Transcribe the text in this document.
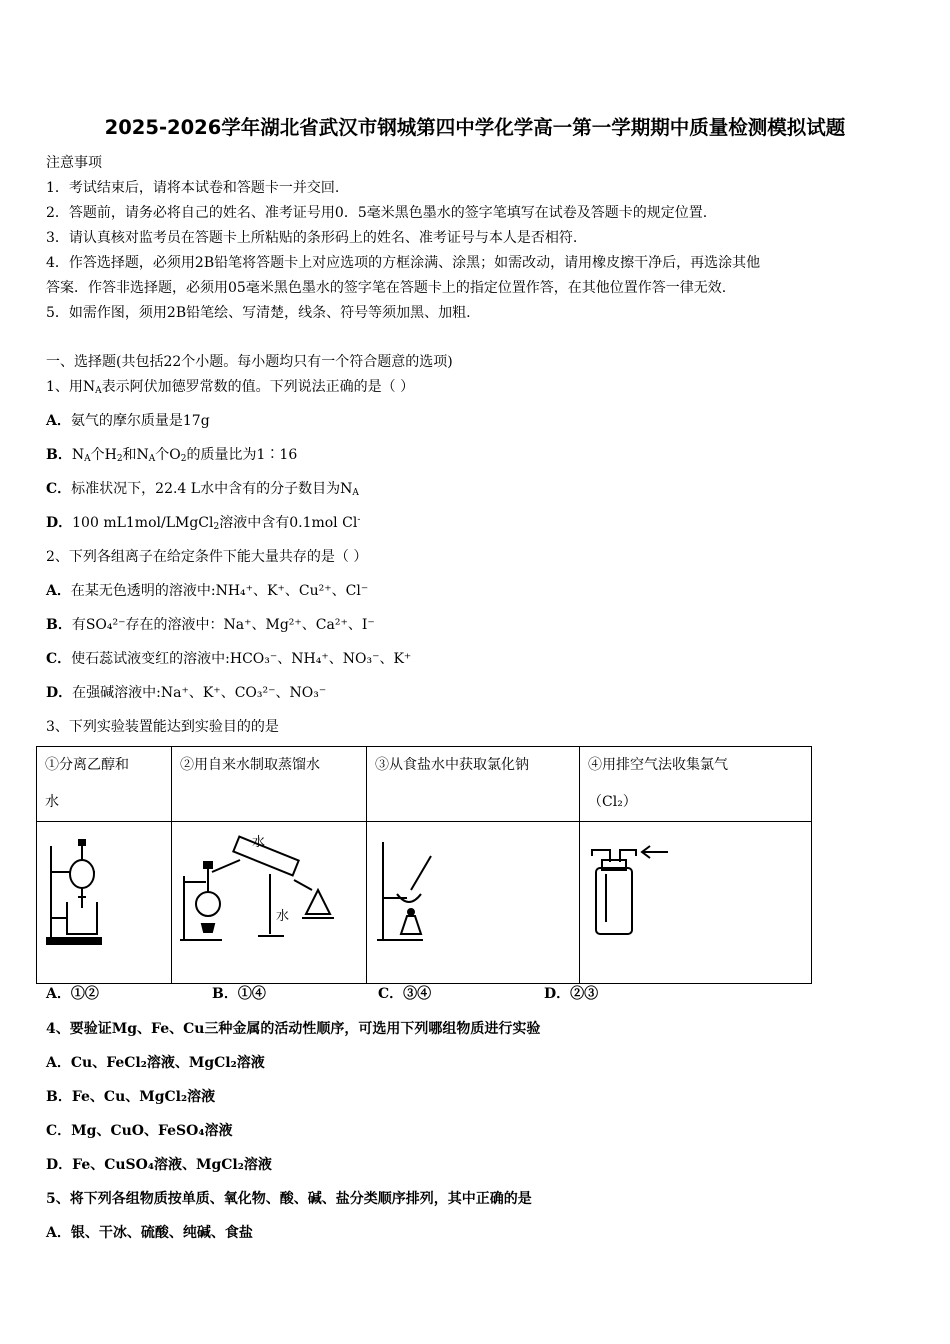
2025-2026学年湖北省武汉市钢城第四中学化学高一第一学期期中质量检测模拟试题
注意事项
1．考试结束后，请将本试卷和答题卡一并交回.
2．答题前，请务必将自己的姓名、准考证号用0．5毫米黑色墨水的签字笔填写在试卷及答题卡的规定位置.
3．请认真核对监考员在答题卡上所粘贴的条形码上的姓名、准考证号与本人是否相符.
4．作答选择题，必须用2B铅笔将答题卡上对应选项的方框涂满、涂黑；如需改动，请用橡皮擦干净后，再选涂其他
答案．作答非选择题，必须用05毫米黑色墨水的签字笔在答题卡上的指定位置作答，在其他位置作答一律无效.
5．如需作图，须用2B铅笔绘、写清楚，线条、符号等须加黑、加粗.
一、选择题(共包括22个小题。每小题均只有一个符合题意的选项)
1、用$N_A$表示阿伏加德罗常数的值。下列说法正确的是（ ）
A．氨气的摩尔质量是17g
B．$N_A$个$H_2$和$N_A$个$O_2$的质量比为1∶16
C．标准状况下，22.4 L水中含有的分子数目为$N_A$
D．100 mL1mol/LMgCl$_2$溶液中含有0.1mol Cl-
2、下列各组离子在给定条件下能大量共存的是（ ）
A．在某无色透明的溶液中:NH₄⁺、K⁺、Cu²⁺、Cl⁻
B．有SO₄²⁻存在的溶液中：Na⁺、Mg²⁺、Ca²⁺、I⁻
C．使石蕊试液变红的溶液中:HCO₃⁻、NH₄⁺、NO₃⁻、K⁺
D．在强碱溶液中:Na⁺、K⁺、CO₃²⁻、NO₃⁻
3、下列实验装置能达到实验目的的是
①分离乙醇和
水	②用自来水制取蒸馏水	③从食盐水中获取氯化钠	④用排空气法收集氯气
（Cl₂）

水
水

A．①②	B．①④	C．③④	D．②③
4、要验证Mg、Fe、Cu三种金属的活动性顺序，可选用下列哪组物质进行实验
A．Cu、FeCl₂溶液、MgCl₂溶液
B．Fe、Cu、MgCl₂溶液
C．Mg、CuO、FeSO₄溶液
D．Fe、CuSO₄溶液、MgCl₂溶液
5、将下列各组物质按单质、氧化物、酸、碱、盐分类顺序排列，其中正确的是
A．银、干冰、硫酸、纯碱、食盐
